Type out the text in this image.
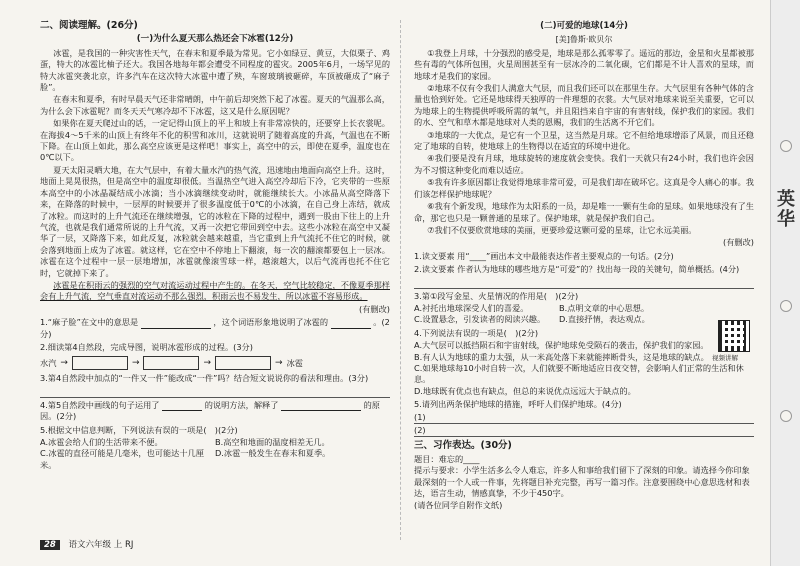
二、阅读理解。(26分)
(一)为什么夏天那么热还会下冰雹(12分)

冰雹，是我国的一种灾害性天气，在春末和夏季最为常见。它小如绿豆、黄豆，大似栗子、鸡蛋，特大的冰雹比柚子还大。我国各地每年都会遭受不同程度的雹灾。2005年6月，一场罕见的特大冰雹突袭北京，许多汽车在这次特大冰雹中遭了殃，车窗玻璃被砸碎，车顶被砸成了“麻子脸”。

在春末和夏季，有时早晨天气还非常晴朗，中午前后却突然下起了冰雹。夏天的气温那么高，为什么会下冰雹呢？而冬天天气寒冷却不下冰雹，这又是什么原因呢？

如果你在夏天爬过山的话，一定记得山顶上的平上和坡上有非常凉快的，还要穿上长衣裳呢。在海拔4～5千米的山顶上有终年不化的积雪和冰川，这就说明了随着高度的升高，气温也在不断下降。在山顶上如此，那么高空应该更是这样吧！事实上，高空中的云，即使在夏季，温度也在0℃以下。

夏天太阳灵晒大地，在大气层中，有着大量水汽的热气流，迅速地由地面向高空上升。这时，地面上晃晃很热，但是高空中的温度却很低。当温热空气进入高空冷却后下冷，它夹带的一些原本高空中的小冰晶凝结成小冰滴；当小冰滴继续变动时，就能继续长大。小冰晶从高空降落下来，在降落的时候中，一层厚的时候要并了很多温度低于0℃的小冰滴，在自己身上冻结，就成了冰粒。而这时的上升气流还在继续增强，它的冰粒在下降的过程中，遇到一股由下往上的上升气流，也就是我们通常所说的上升气流，又再一次把它带回到空中去。这些小冰粒在高空中又凝华了一层，又降落下来，如此反复，冰粒就会越来越重，当它重到上升气流托不住它的时候，就会落到地面上成为了冰雹。就这样，它在空中不停地上下翻滚，每一次的翻滚都要包上一层冰。冰雹在这个过程中一层一层地增加，冰雹就像滚雪球一样，越滚越大，以后气流再也托不住它时，它就掉下来了。

冰雹是在积雨云的强烈的空气对流运动过程中产生的。在冬天，空气比较稳定，不像夏季那样会有上升气流，空气垂直对流运动不那么强烈，积雨云也不易发生，所以冰雹不容易形成。

(有删改)
1.“麻子脸”在文中的意思是	，这个词语形象地说明了冰雹的	。(2分)
2.细读第4自然段，完成导图，说明冰雹形成的过程。(3分)
水汽 →	→	→	→ 冰雹
3.第4自然段中加点的“一件又一件”能改成“一件”吗？结合短文说说你的看法和理由。(3分)
4.第5自然段中画线的句子运用了	的说明方法，解释了	的原因。(2分)
5.根据文中信息判断，下列说法有误的一项是(　)(2分)
A.冰雹会给人们的生活带来不便。	B.高空和地面的温度相差无几。
C.冰雹的直径可能是几毫米，也可能达十几厘米。
D.冰雹一般发生在春末和夏季。
(二)可爱的地球(14分)
[美]鲁斯·欧贝尔

①我登上月球，十分强烈的感受是，地球是那么孤零零了。遥远的那边，金星和火星都被那些有毒的气体所包围，火星周围甚至有一层冰冷的二氧化碳，它们都是不计人喜欢的星球，而地球才是我们的家园。

②地球不仅有令我们人满意大气层，而且我们还可以在那里生存。大气层里有各种气体的含量也恰到好处。它还是地球得天独厚的一件理想的衣裳。大气层对地球来说至关重要，它可以为地球上的生物提供呼吸所需的氧气，并且阻挡来自宇宙的有害射线，保护我们的家园。我们的水、空气和草木都是地球对人类的恩赐，我们的生活离不开它们。

③地球的一大优点，是它有一个卫星，这当然是月球。它不但给地球增添了风景，而且还稳定了地球的自转，使地球上的生物得以在适宜的环境中进化。

④我们要是没有月球，地球旋转的速度就会变快。我们一天就只有24小时，我们也许会因为不习惯这种变化而难以适应。

⑤我有许多原因都让我觉得地球非常可爱，可是我们却在破坏它。这真是令人痛心的事。我们该怎样保护地球呢？

⑥我有个新发现，地球作为太阳系的一员，却是唯一一颗有生命的星球。如果地球没有了生命，那它也只是一颗普通的星球了。保护地球，就是保护我们自己。

⑦我们不仅要欣赏地球的美丽，更要珍爱这颗可爱的星球，让它永远美丽。

(有删改)
1.读文要素 用“____”画出本文中最能表达作者主要观点的一句话。(2分)
2.读文要素 作者认为地球的哪些地方是“可爱”的？找出每一段的关键句，简单概括。(4分)
3.第①段写金星、火星情况的作用是(　)(2分)
A.衬托出地球深受人们的喜爱。	B.点明文章的中心思想。
C.设置悬念，引发读者的阅读兴趣。	D.直接抒情，表达观点。
4.下列说法有误的一项是(　)(2分)
A.大气层可以抵挡陨石和宇宙射线，保护地球免受陨石的袭击，保护我们的家园。
B.有人认为地球的重力太强，从一米高处落下来就能摔断骨头，这是地球的缺点。
C.如果地球每10小时自转一次，人们就要不断地适应日夜交替，会影响人们正常的生活和休息。
D.地球既有优点也有缺点，但总的来说优点远远大于缺点的。
5.请列出两条保护地球的措施，呼吁人们保护地球。(4分)
(1)
(2)
三、习作表达。(30分)
题目：难忘的____
提示与要求：小学生活多么令人难忘，许多人和事给我们留下了深刻的印象。请选择今你印象最深刻的一个人或一件事，先将题目补充完整，再写一篇习作。注意要围绕中心意思选材和表达，语言生动，情感真挚，不少于450字。
(请各位同学自附作文纸)
视频讲解
28 语文六年级 上 RJ
英华
